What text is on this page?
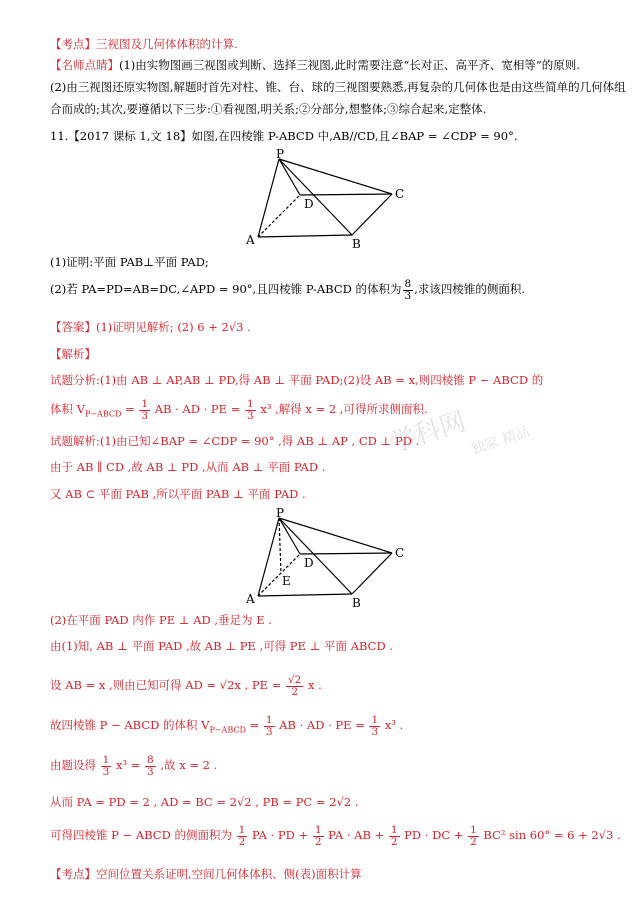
【考点】三视图及几何体体积的计算.
【名师点睛】(1)由实物图画三视图或判断、选择三视图,此时需要注意“长对正、高平齐、宽相等”的原则.
(2)由三视图还原实物图,解题时首先对柱、锥、台、球的三视图要熟悉,再复杂的几何体也是由这些简单的几何体组
合而成的;其次,要遵循以下三步:①看视图,明关系;②分部分,想整体;③综合起来,定整体.
11.【2017 课标 1,文 18】如图,在四棱锥 P-ABCD 中,AB//CD,且∠BAP = ∠CDP = 90°.
P
A	B
C
D
(1)证明:平面 PAB⊥平面 PAD;
(2)若 PA=PD=AB=DC,∠APD = 90°,且四棱锥 P-ABCD 的体积为 $\frac{8}{3}$ ,求该四棱锥的侧面积.
【答案】(1)证明见解析; (2) 6 + 2√3 .
【解析】
学科网 独家 精品
试题分析:(1)由 AB ⊥ AP,AB ⊥ PD,得 AB ⊥ 平面 PAD;(2)设 AB = x,则四棱锥 P − ABCD 的
体积 $V_{P-ABCD} = \frac{1}{3}$ AB · AD · PE = $\frac{1}{3} x^3$ ,解得 x = 2 ,可得所求侧面积.
试题解析:(1)由已知∠BAP = ∠CDP = 90° ,得 AB ⊥ AP , CD ⊥ PD .
由于 AB ∥ CD ,故 AB ⊥ PD ,从而 AB ⊥ 平面 PAD .
又 AB ⊂ 平面 PAB ,所以平面 PAB ⊥ 平面 PAD .
P
A	B
C
D
E
(2)在平面 PAD 内作 PE ⊥ AD ,垂足为 E .
由(1)知, AB ⊥ 平面 PAD ,故 AB ⊥ PE ,可得 PE ⊥ 平面 ABCD .
设 AB = x ,则由已知可得 AD = √2x , PE = $\frac{√2}{2}$ x .
故四棱锥 P − ABCD 的体积 $V_{P-ABCD} = \frac{1}{3}$ AB · AD · PE = $\frac{1}{3} x^3$ .
由题设得 $\frac{1}{3} x^3 = \frac{8}{3}$ ,故 x = 2 .
从而 PA = PD = 2 , AD = BC = 2√2 , PB = PC = 2√2 .
可得四棱锥 P − ABCD 的侧面积为 $\frac{1}{2}$ PA · PD + $\frac{1}{2}$ PA · AB + $\frac{1}{2}$ PD · DC + $\frac{1}{2} BC^2$ sin 60° = 6 + 2√3 .
【考点】空间位置关系证明,空间几何体体积、侧(表)面积计算
